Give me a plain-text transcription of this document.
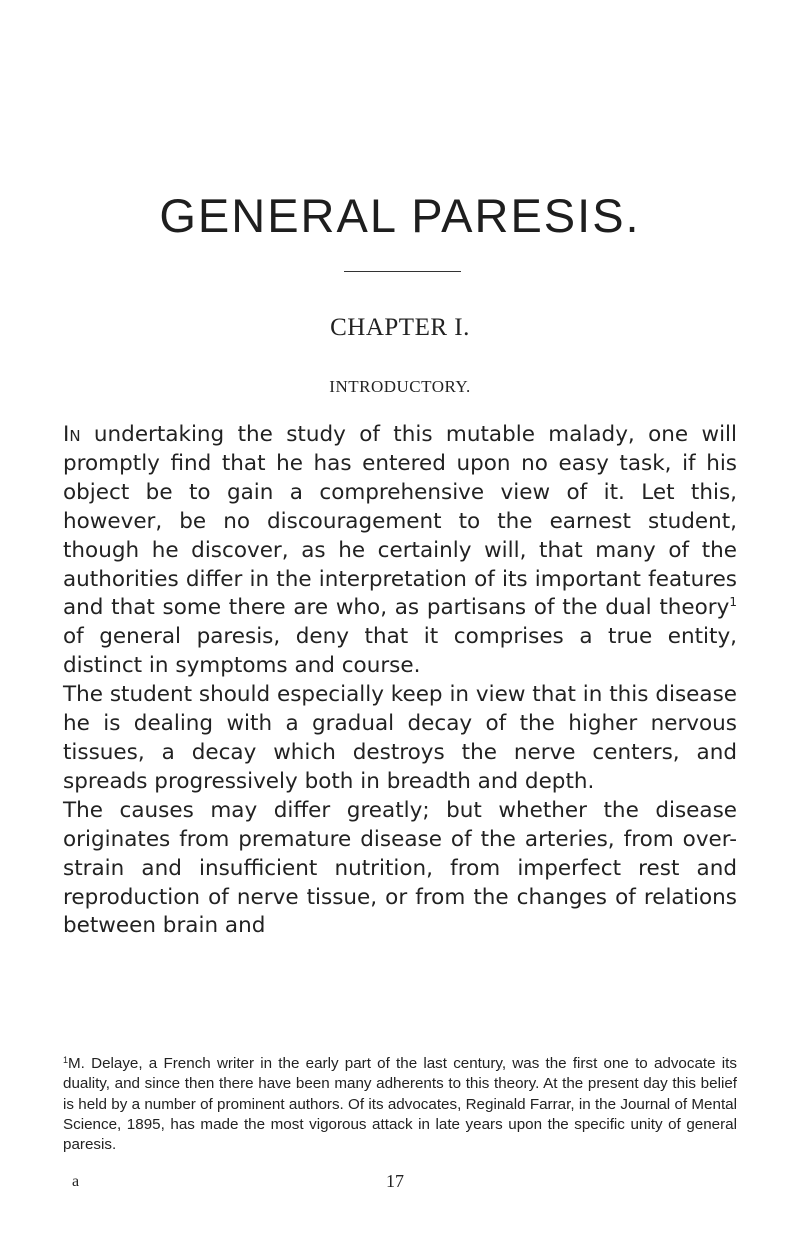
GENERAL PARESIS.
CHAPTER I.
INTRODUCTORY.

In undertaking the study of this mutable malady, one will promptly find that he has entered upon no easy task, if his object be to gain a comprehensive view of it. Let this, however, be no discouragement to the earnest student, though he discover, as he certainly will, that many of the authorities differ in the interpretation of its important features and that some there are who, as partisans of the dual theory$^1$ of general paresis, deny that it comprises a true entity, distinct in symptoms and course.

The student should especially keep in view that in this disease he is dealing with a gradual decay of the higher nervous tissues, a decay which destroys the nerve centers, and spreads progressively both in breadth and depth.

The causes may differ greatly; but whether the disease originates from premature disease of the arteries, from over-strain and insufficient nutrition, from imperfect rest and reproduction of nerve tissue, or from the changes of relations between brain and

$^1$M. Delaye, a French writer in the early part of the last century, was the first one to advocate its duality, and since then there have been many adherents to this theory. At the present day this belief is held by a number of prominent authors. Of its advocates, Reginald Farrar, in the Journal of Mental Science, 1895, has made the most vigorous attack in late years upon the specific unity of general paresis.
a	17
